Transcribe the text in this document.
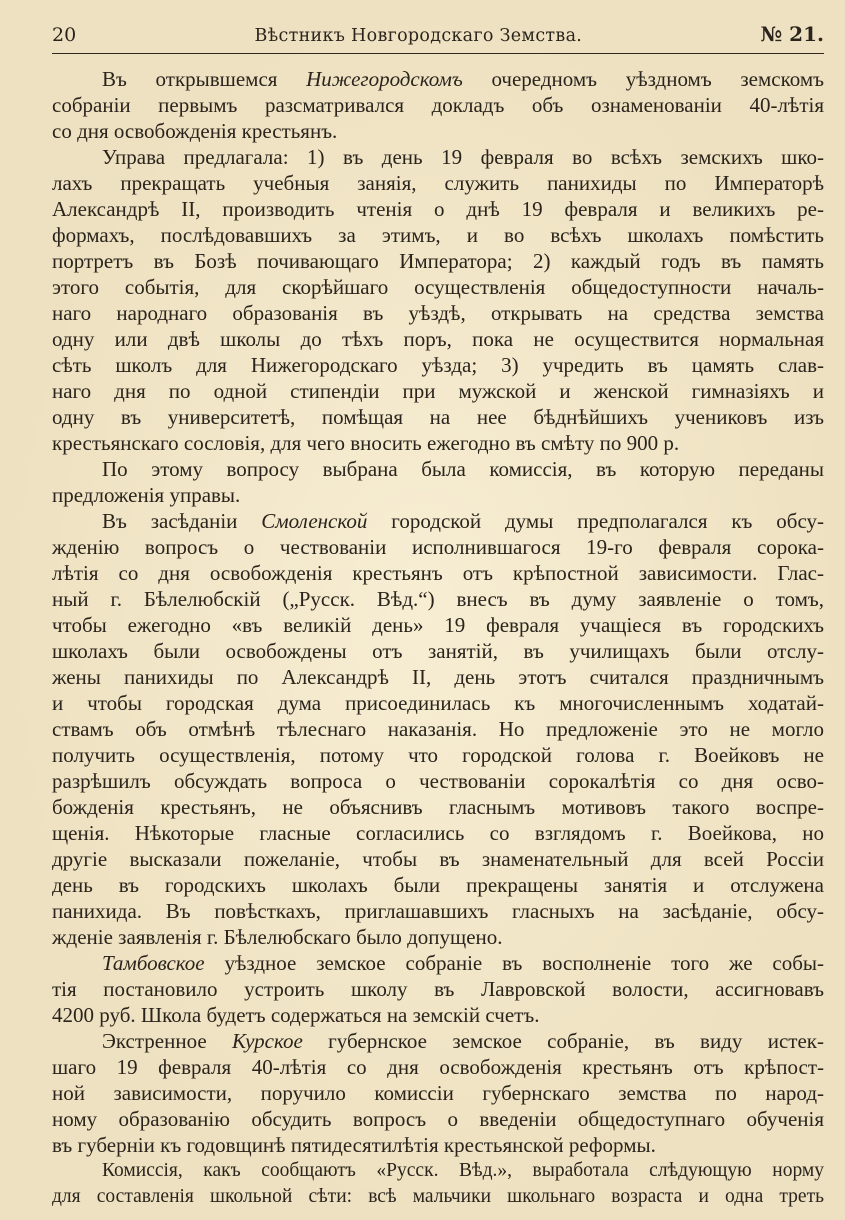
20	Вѣстникъ Новгородскаго Земства.	№ 21.
Въ открывшемся Нижегородскомъ очередномъ уѣздномъ земскомъ
собраніи первымъ разсматривался докладъ объ ознаменованіи 40-лѣтія
со дня освобожденія крестьянъ.
Управа предлагала: 1) въ день 19 февраля во всѣхъ земскихъ шко-
лахъ прекращать учебныя заняія, служить панихиды по Императорѣ
Александрѣ II, производить чтенія о днѣ 19 февраля и великихъ ре-
формахъ, послѣдовавшихъ за этимъ, и во всѣхъ школахъ помѣстить
портретъ въ Бозѣ почивающаго Императора; 2) каждый годъ въ память
этого событія, для скорѣйшаго осуществленія общедоступности началь-
наго народнаго образованія въ уѣздѣ, открывать на средства земства
одну или двѣ школы до тѣхъ поръ, пока не осуществится нормальная
сѣть школъ для Нижегородскаго уѣзда; 3) учредить въ цамять слав-
наго дня по одной стипендіи при мужской и женской гимназіяхъ и
одну въ университетѣ, помѣщая на нее бѣднѣйшихъ учениковъ изъ
крестьянскаго сословія, для чего вносить ежегодно въ смѣту по 900 р.
По этому вопросу выбрана была комиссія, въ которую переданы
предложенія управы.
Въ засѣданіи Смоленской городской думы предполагался къ обсу-
жденію вопросъ о чествованіи исполнившагося 19-го февраля сорока-
лѣтія со дня освобожденія крестьянъ отъ крѣпостной зависимости. Глас-
ный г. Бѣлелюбскій („Русск. Вѣд.“) внесъ въ думу заявленіе о томъ,
чтобы ежегодно «въ великій день» 19 февраля учащіеся въ городскихъ
школахъ были освобождены отъ занятій, въ училищахъ были отслу-
жены панихиды по Александрѣ II, день этотъ считался праздничнымъ
и чтобы городская дума присоединилась къ многочисленнымъ ходатай-
ствамъ объ отмѣнѣ тѣлеснаго наказанія. Но предложеніе это не могло
получить осуществленія, потому что городской голова г. Воейковъ не
разрѣшилъ обсуждать вопроса о чествованіи сорокалѣтія со дня осво-
божденія крестьянъ, не объяснивъ гласнымъ мотивовъ такого воспре-
щенія. Нѣкоторые гласные согласились со взглядомъ г. Воейкова, но
другіе высказали пожеланіе, чтобы въ знаменательный для всей Россіи
день въ городскихъ школахъ были прекращены занятія и отслужена
панихида. Въ повѣсткахъ, приглашавшихъ гласныхъ на засѣданіе, обсу-
жденіе заявленія г. Бѣлелюбскаго было допущено.
Тамбовское уѣздное земское собраніе въ восполненіе того же собы-
тія постановило устроить школу въ Лавровской волости, ассигновавъ
4200 руб. Школа будетъ содержаться на земскій счетъ.
Экстренное Курское губернское земское собраніе, въ виду истек-
шаго 19 февраля 40-лѣтія со дня освобожденія крестьянъ отъ крѣпост-
ной зависимости, поручило комиссіи губернскаго земства по народ-
ному образованію обсудить вопросъ о введеніи общедоступнаго обученія
въ губерніи къ годовщинѣ пятидесятилѣтія крестьянской реформы.
Комиссія, какъ сообщаютъ «Русск. Вѣд.», выработала слѣдующую норму
для составленія школьной сѣти: всѣ мальчики школьнаго возраста и одна треть
